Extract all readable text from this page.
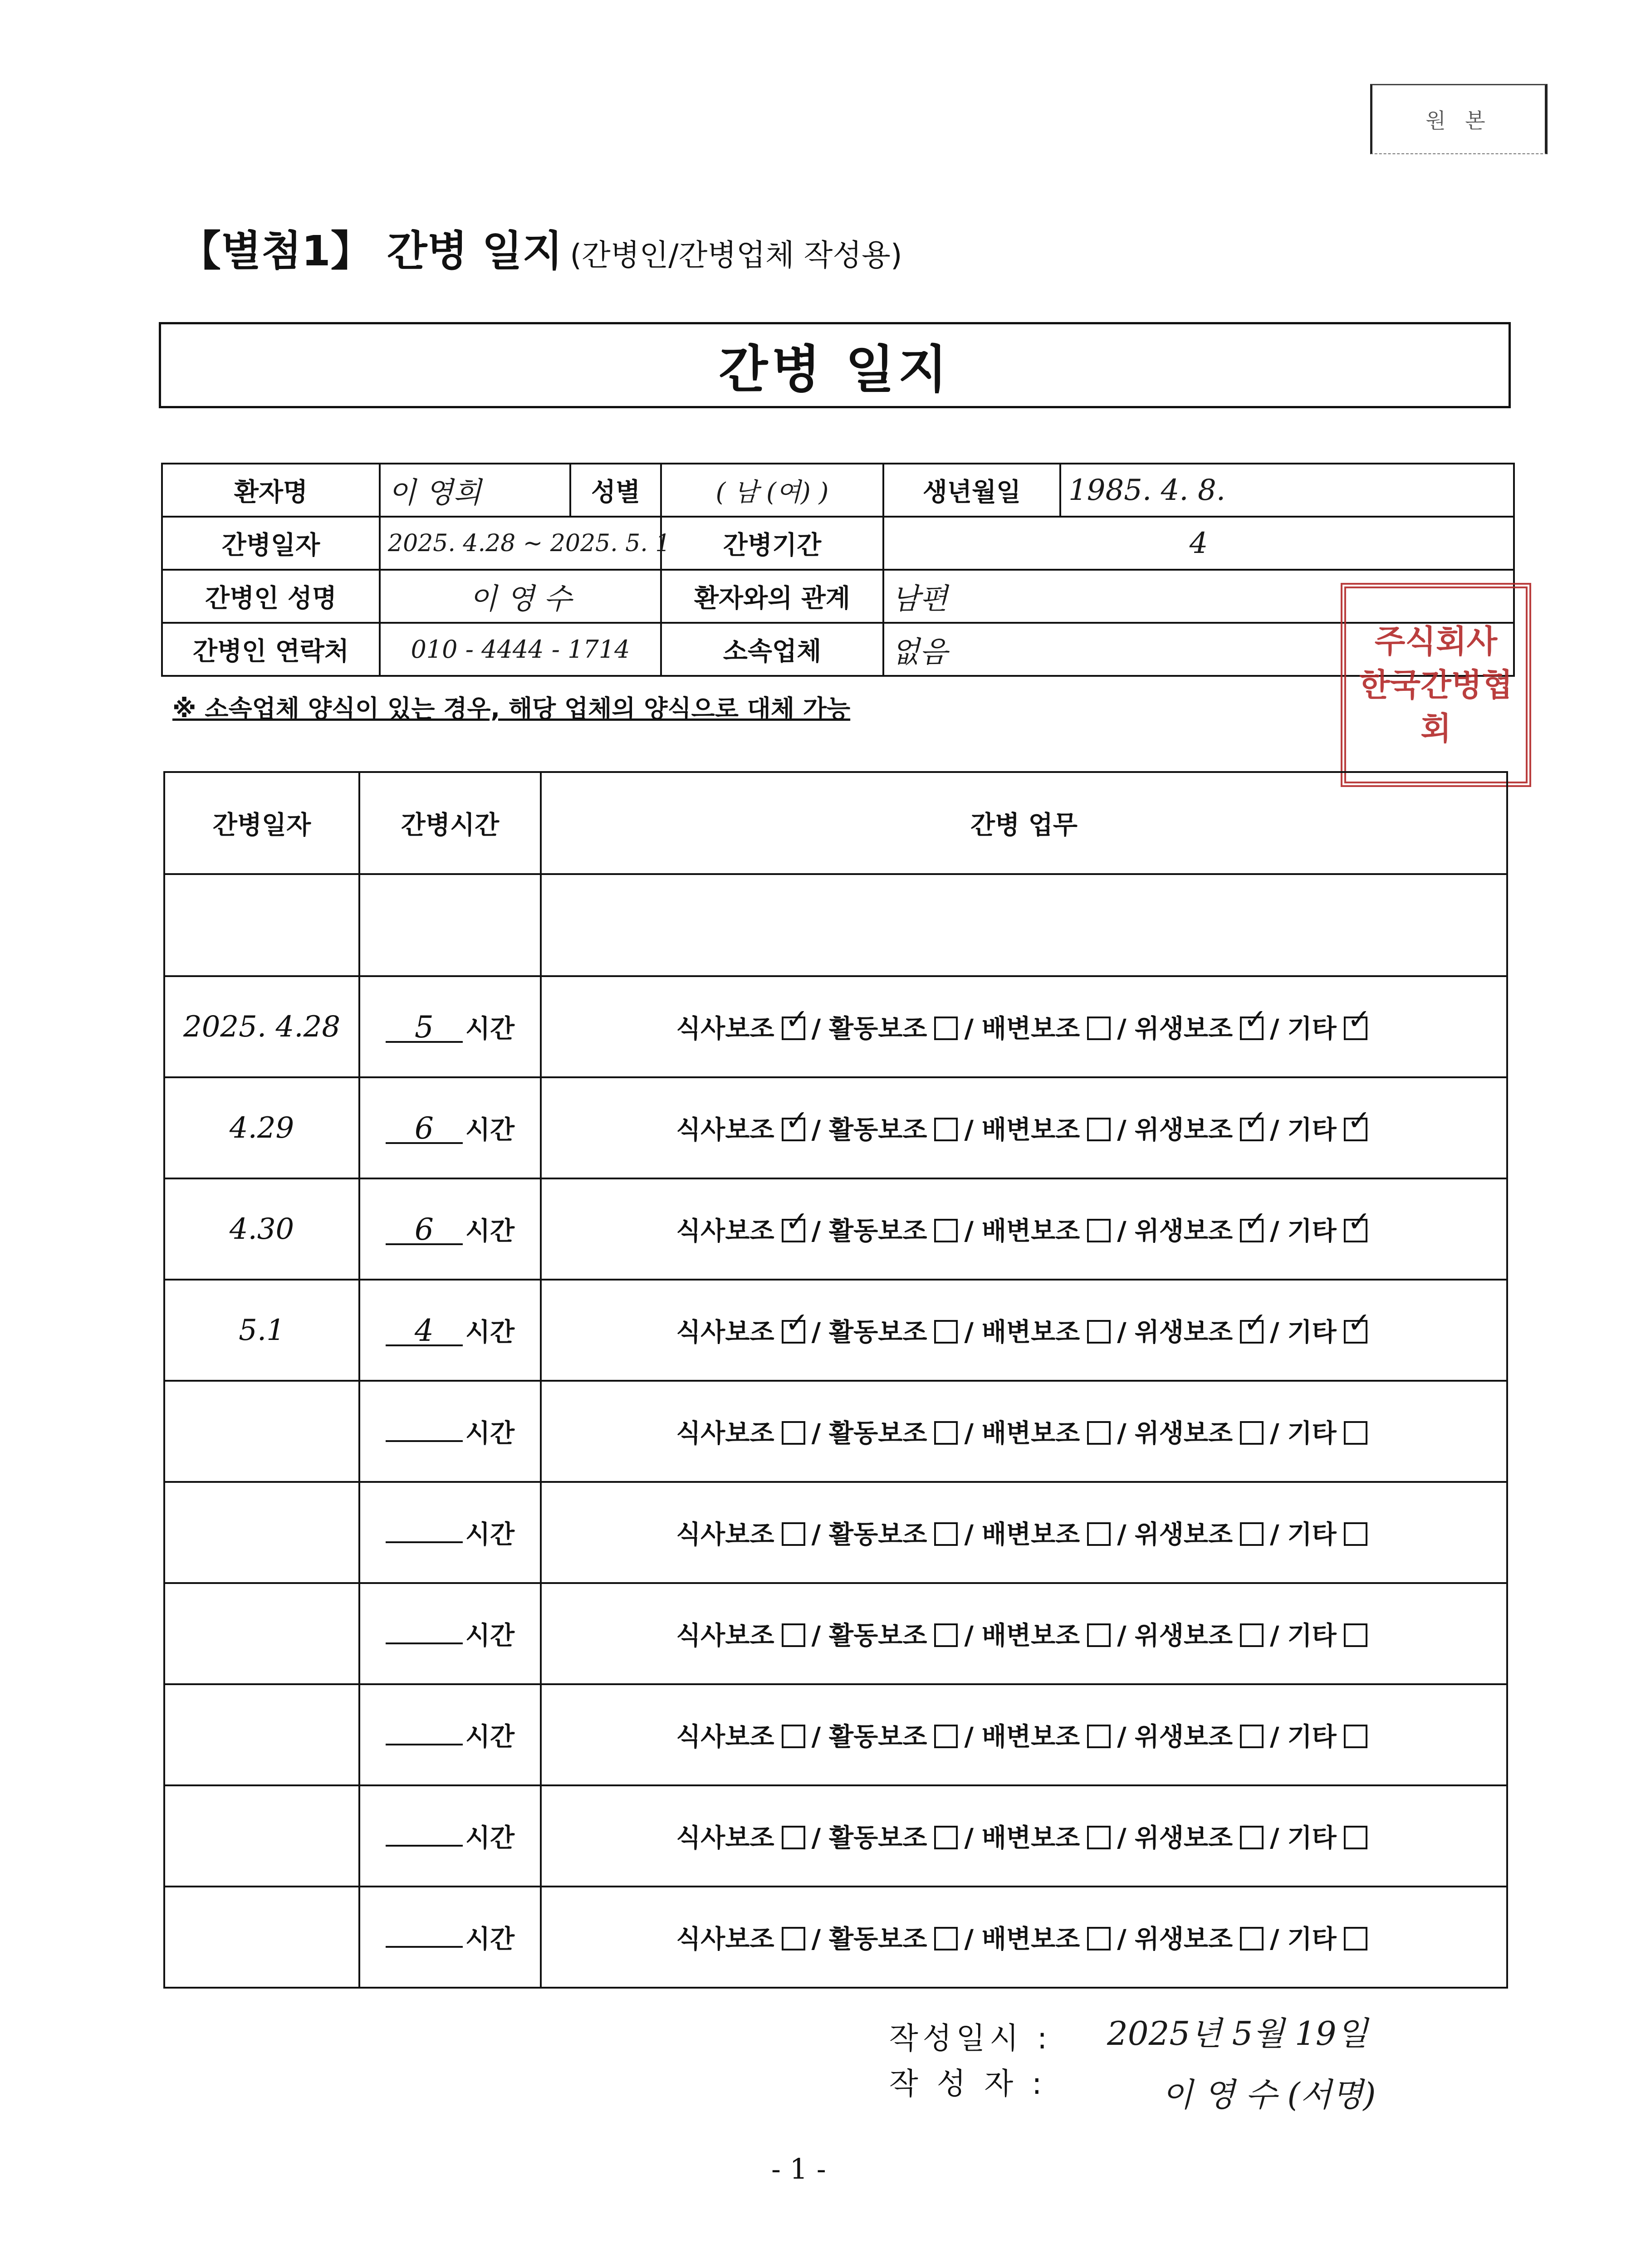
원 본
【별첨1】 간병 일지 (간병인/간병업체 작성용)
간병 일지
환자명	이 영희	성별	( 남 (여) )	생년월일	1985. 4. 8.
간병일자	2025. 4.28 ~ 2025. 5. 1		간병기간	4	
간병인 성명	이 영 수		환자와의 관계	남편	
간병인 연락처	010 - 4444 - 1714		소속업체	없음		주식회사 한국간병협회
※ 소속업체 양식이 있는 경우, 해당 업체의 양식으로 대체 가능
간병일자	간병시간	간병 업무

2025. 4.28	5 시간	식사보조 ✓ / 활동보조 / 배변보조 / 위생보조 ✓ / 기타✓
4.29	6 시간	식사보조 ✓ / 활동보조 / 배변보조 / 위생보조 ✓ / 기타✓
4.30	6 시간	식사보조 ✓ / 활동보조 / 배변보조 / 위생보조 ✓ / 기타✓
5.1	4 시간	식사보조 ✓ / 활동보조 / 배변보조 / 위생보조 ✓ / 기타✓
	시간	식사보조 / 활동보조 / 배변보조 / 위생보조 / 기타
	시간	식사보조 / 활동보조 / 배변보조 / 위생보조 / 기타
	시간	식사보조 / 활동보조 / 배변보조 / 위생보조 / 기타
	시간	식사보조 / 활동보조 / 배변보조 / 위생보조 / 기타
	시간	식사보조 / 활동보조 / 배변보조 / 위생보조 / 기타
	시간	식사보조 / 활동보조 / 배변보조 / 위생보조 / 기타
작성일시 : 2025년 5월 19일
작 성 자 :	이 영 수 (서명)
- 1 -
